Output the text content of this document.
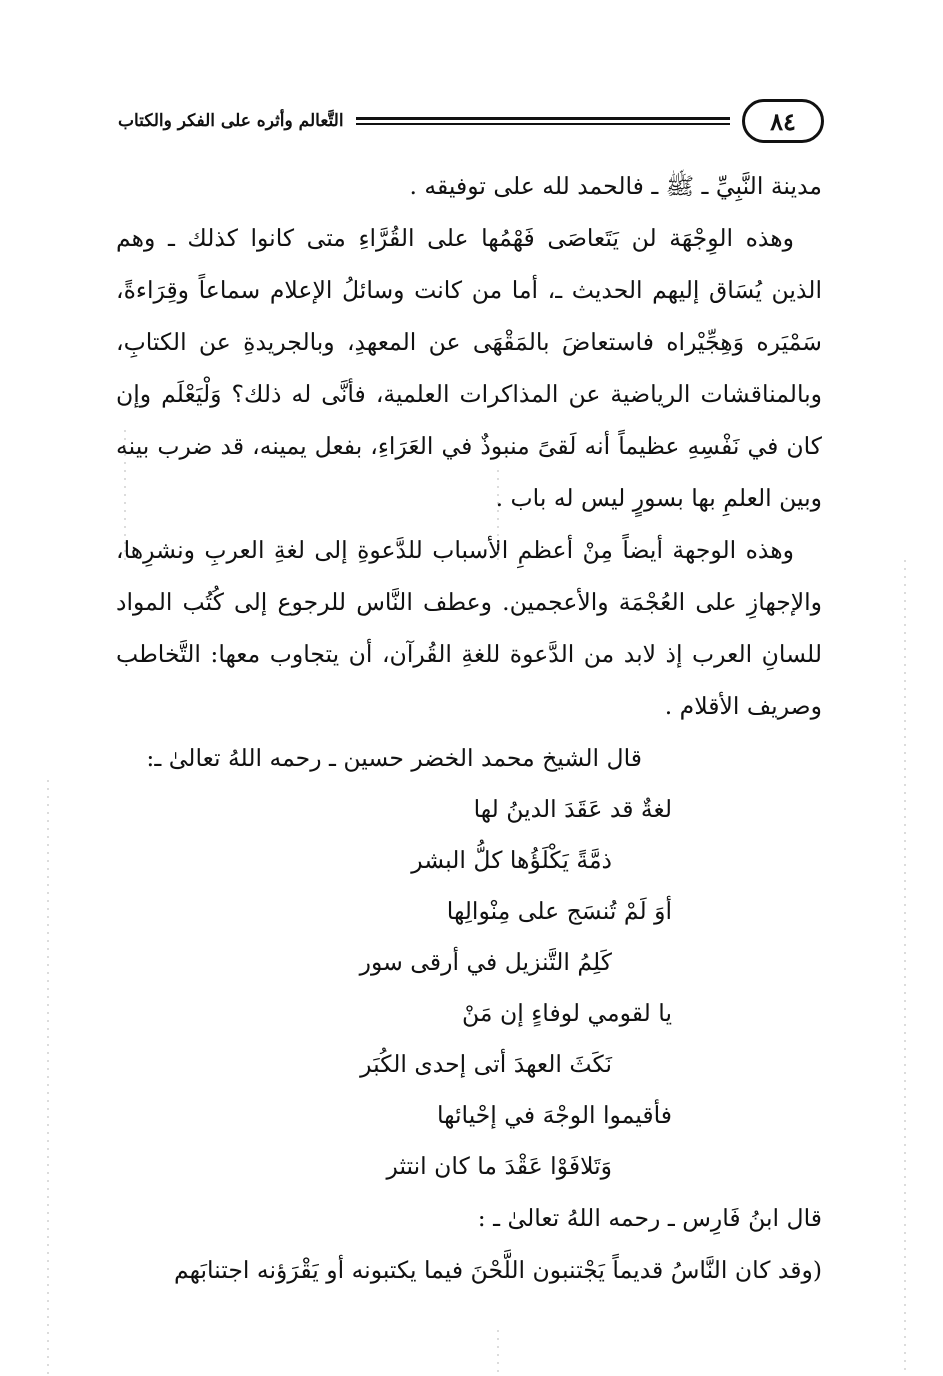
٨٤
التَّعالم وأثره على الفكر والكتاب

مدينة النَّبِيِّ ـ ﷺ ـ فالحمد لله على توفيقه .

وهذه الوِجْهَة لن يَتَعاصَى فَهْمُها على القُرَّاءِ متى كانوا كذلك ـ وهم الذين يُسَاق إليهم الحديث ـ، أما من كانت وسائلُ الإعلام سماعاً وقِرَاءةً، سَمْيَره وَهِجِّيْراه فاستعاضَ بالمَقْهَى عن المعهدِ، وبالجريدةِ عن الكتابِ، وبالمناقشات الرياضية عن المذاكرات العلمية، فأنَّى له ذلك؟ وَلْيَعْلَم وإن كان في نَفْسِهِ عظيماً أنه لَقىً منبوذٌ في العَرَاءِ، بفعل يمينه، قد ضرب بينه وبين العلمِ بها بسورٍ ليس له باب .

وهذه الوجهة أيضاً مِنْ أعظمِ الأسباب للدَّعوةِ إلى لغةِ العربِ ونشرِها، والإجهازِ على العُجْمَة والأعجمين. وعطف النَّاس للرجوع إلى كُتُب المواد للسانِ العرب إذ لابد من الدَّعوة للغةِ القُرآن، أن يتجاوب معها: التَّخاطب وصريف الأقلام .

قال الشيخ محمد الخضر حسين ـ رحمه اللهُ تعالىٰ ـ:

لغةٌ قد عَقَدَ الدينُ لها

ذمَّةً يَكْلَؤُها كلُّ البشر

أوَ لَمْ تُنسَج على مِنْوالِها

كَلِمُ التَّنزيل في أرقى سور

يا لقومي لوفاءٍ إن مَنْ

نَكَثَ العهدَ أتى إحدى الكُبَر

فأقيموا الوجْهَ في إحْيائها

وَتَلافَوْا عَقْدَ ما كان انتثر

قال ابنُ فَارِس ـ رحمه اللهُ تعالىٰ ـ :

(وقد كان النَّاسُ قديماً يَجْتنبون اللَّحْنَ فيما يكتبونه أو يَقْرَؤنه اجتنابَهم
